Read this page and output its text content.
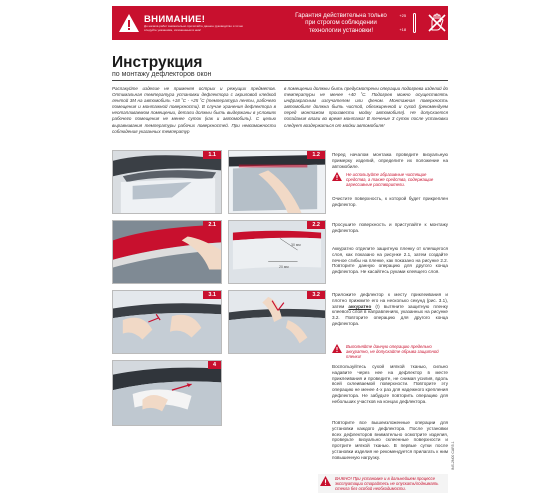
ВНИМАНИЕ!
До начала работ внимательно прочитайте данное руководство и точно следуйте указаниям, изложенным в нем!
Гарантия действительна только при строгом соблюдении технологии установки!
+25
+18
Инструкция
по монтажу дефлекторов окон
Распакуйте изделие не применяя острых и режущих предметов. Оптимальная температура установки дефлектора с акриловой клейкой лентой 3М на автомобиль +18 ˚С - +25 ˚С (температура ленты, рабочего помещения и монтажной поверхности). В случае хранения дефлектора в неотапливаемом помещении, детали должны быть выдержаны в условиях рабочего помещения не менее суток (как и автомобиль). С целью выравнивания температуры рабочих поверхностей. При невозможности соблюдения указанных температур
в помещении должны быть предусмотрены операции подогрева изделий до температуры не менее +40 ˚С. Подогрев можно осуществлять инфракрасным излучателем или феном. Монтажная поверхность автомобиля должна быть чистой, обезжиренной и сухой (рекомендуем перед монтажом произвести мойку автомобиля). Не допускается попадания влаги во время монтажа! В течение 3 суток после установки следует воздержаться от мойки автомобиля!
1.1	1.2
2.1	2.2
30 мм
20 мм
3.1	3.2
4
Перед началом монтажа проведите визуальную примерку изделий, определите их положение на автомобиле.
Не используйте абразивные чистящие средства, а также средства, содержащие агрессивные растворители.
Очистите поверхность, к которой будет прикреплен дефлектор.
Просушите поверхность и приступайте к монтажу дефлектора.
Аккуратно отделите защитную пленку от клеящегося слоя, как показано на рисунке 2.1, затем создайте печное сгибы на пленке, как показано на рисунке 2.2. Повторите данную операцию для другого конца дефлектора. Не касайтесь руками клеящего слоя.
Приложите дефлектор к месту приклеивания и плотно прижмите его на несколько секунд (рис. 3.1), затем аккуратно (!) вытяните защитную пленку клеевого слоя в направлениях, указанных на рисунке 3.2. Повторите операцию для другого конца дефлектора.
Выполняйте данную операцию предельно аккуратно, не допускайте обрыва защитной пленки!
Воспользуйтесь сухой мягкой тканью, сильно надавите через нее на дефлектор в месте приклеивания и проведите, не снимая усилия, вдоль всей склеиваемой поверхности. Повторите эту операцию не менее 4-х раз для надежного крепления дефлектора. Не забудьте повторить операцию для небольших участков на концах дефлектора.
Повторите все вышеизложенные операции для установки каждого дефлектора. После установки всех дефлекторов внимательно осмотрите изделия, проверьте визуально склеенные поверхности и протрите мягкой тканью. В первые сутки после установки изделия не рекомендуется прилагать к ним повышенную нагрузку.
ВАЖНО! При установке и в дальнейшем процессе эксплуатации старайтесь не опускать/поднимать стекла без особой необходимости.
INS-2N00 CAR5.1
